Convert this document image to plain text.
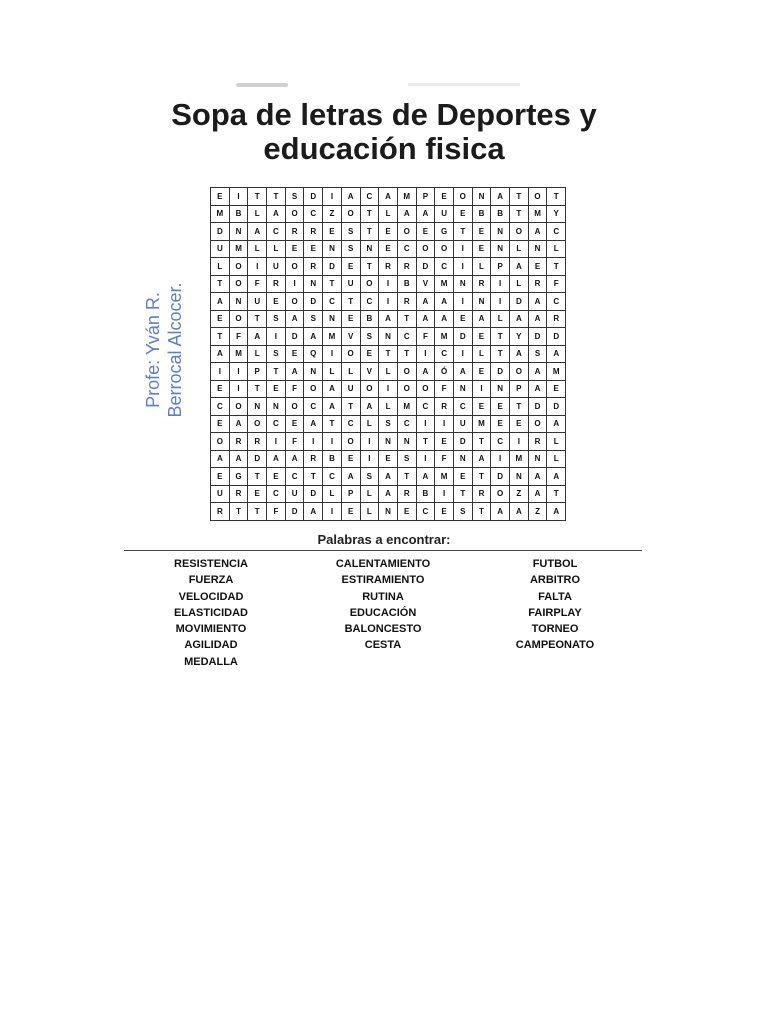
Sopa de letras de Deportes y
educación fisica
Profe: Yván R. Berrocal Alcocer.
E	I	T	T	S	D	I	A	C	A	M	P	E	O	N	A	T	O	T
M	B	L	A	O	C	Z	O	T	L	A	A	U	E	B	B	T	M	Y
D	N	A	C	R	R	E	S	T	E	O	E	G	T	E	N	O	A	C
U	M	L	L	E	E	N	S	N	E	C	O	O	I	E	N	L	N	L
L	O	I	U	O	R	D	E	T	R	R	D	C	I	L	P	A	E	T
T	O	F	R	I	N	T	U	O	I	B	V	M	N	R	I	L	R	F
A	N	U	E	O	D	C	T	C	I	R	A	A	I	N	I	D	A	C
E	O	T	S	A	S	N	E	B	A	T	A	A	E	A	L	A	A	R
T	F	A	I	D	A	M	V	S	N	C	F	M	D	E	T	Y	D	D
A	M	L	S	E	Q	I	O	E	T	T	I	C	I	L	T	A	S	A
I	I	P	T	A	N	L	L	V	L	O	A	Ó	A	E	D	O	A	M
E	I	T	E	F	O	A	U	O	I	O	O	F	N	I	N	P	A	E
C	O	N	N	O	C	A	T	A	L	M	C	R	C	E	E	T	D	D
E	A	O	C	E	A	T	C	L	S	C	I	I	U	M	E	E	O	A
O	R	R	I	F	I	I	O	I	N	N	T	E	D	T	C	I	R	L
A	A	D	A	A	R	B	E	I	E	S	I	F	N	A	I	M	N	L
E	G	T	E	C	T	C	A	S	A	T	A	M	E	T	D	N	A	A
U	R	E	C	U	D	L	P	L	A	R	B	I	T	R	O	Z	A	T
R	T	T	F	D	A	I	E	L	N	E	C	E	S	T	A	A	Z	A
Palabras a encontrar:
RESISTENCIA
FUERZA
VELOCIDAD
ELASTICIDAD
MOVIMIENTO
AGILIDAD
MEDALLA
CALENTAMIENTO
ESTIRAMIENTO
RUTINA
EDUCACIÓN
BALONCESTO
CESTA
FUTBOL
ARBITRO
FALTA
FAIRPLAY
TORNEO
CAMPEONATO
